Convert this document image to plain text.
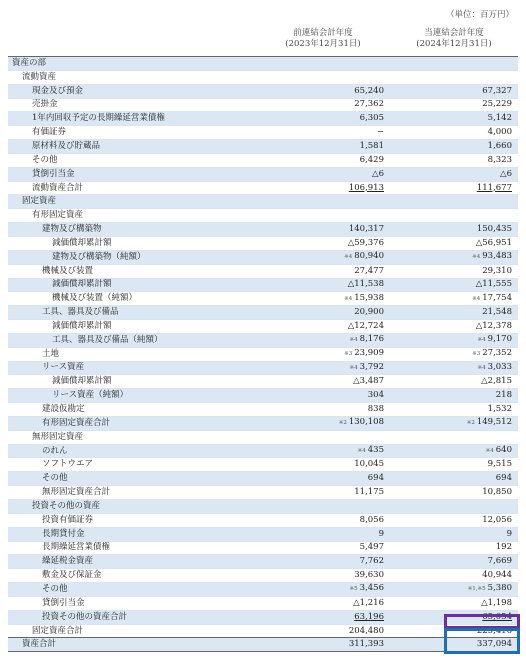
（単位：百万円）
前連結会計年度
(2023年12月31日)
当連結会計年度
(2024年12月31日)
資産の部		
流動資産		
現金及び預金	65,240	67,327
売掛金	27,362	25,229
1年内回収予定の長期繰延営業債権	6,305	5,142
有価証券	−	4,000
原材料及び貯蔵品	1,581	1,660
その他	6,429	8,323
貸倒引当金	△6	△6
流動資産合計	106,913	111,677
固定資産		
有形固定資産		
建物及び構築物	140,317	150,435
減価償却累計額	△59,376	△56,951
建物及び構築物（純額）	※4 80,940	※4 93,483
機械及び装置	27,477	29,310
減価償却累計額	△11,538	△11,555
機械及び装置（純額）	※4 15,938	※4 17,754
工具、器具及び備品	20,900	21,548
減価償却累計額	△12,724	△12,378
工具、器具及び備品（純額）	※4 8,176	※4 9,170
土地	※3 23,909	※3 27,352
リース資産	※4 3,792	※4 3,033
減価償却累計額	△3,487	△2,815
リース資産（純額）	304	218
建設仮勘定	838	1,532
有形固定資産合計	※2 130,108	※2 149,512
無形固定資産		
のれん	※4 435	※4 640
ソフトウエア	10,045	9,515
その他	694	694
無形固定資産合計	11,175	10,850
投資その他の資産		
投資有価証券	8,056	12,056
長期貸付金	9	9
長期繰延営業債権	5,497	192
繰延税金資産	7,762	7,669
敷金及び保証金	39,630	40,944
その他	※5 3,456	※1,※5 5,380
貸倒引当金	△1,216	△1,198
投資その他の資産合計	63,196	65,054
固定資産合計	204,480	225,416
資産合計	311,393	337,094
